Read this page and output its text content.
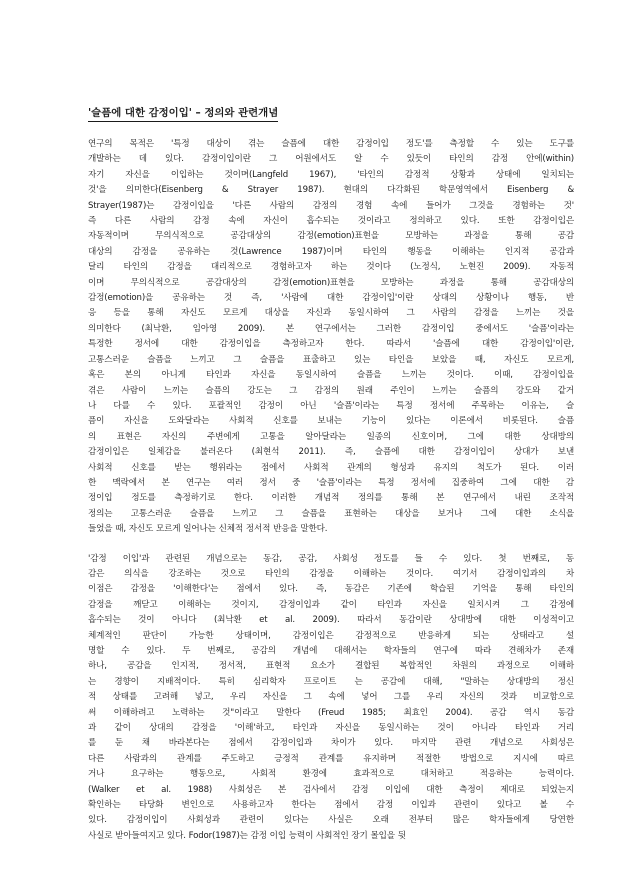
'슬픔에 대한 감정이입' – 정의와 관련개념
연구의 목적은 '특정 대상이 겪는 슬픔에 대한 감정이입 정도'를 측정할 수 있는 도구를
개발하는 데 있다. 감정이입이란 그 어원에서도 알 수 있듯이 타인의 감정 안에(within)
자기 자신을 이입하는 것이며(Langfeld 1967), '타인의 감정적 상황과 상태에 일치되는
것'을 의미한다(Eisenberg & Strayer 1987). 현대의 다각화된 학문영역에서 Eisenberg &
Strayer(1987)는 감정이입을 '다른 사람의 감정의 경험 속에 들어가 그것을 경험하는 것'
즉 다른 사람의 감정 속에 자신이 흡수되는 것이라고 정의하고 있다. 또한 감정이입은
자동적이며 무의식적으로 공감대상의 감정(emotion)표현을 모방하는 과정을 통해 공감
대상의 감정을 공유하는 것(Lawrence 1987)이며 타인의 행동을 이해하는 인지적 공감과
달리 타인의 감정을 대리적으로 경험하고자 하는 것이다 (노정식, 노현진 2009). 자동적
이며 무의식적으로 공감대상의 감정(emotion)표현을 모방하는 과정을 통해 공감대상의
감정(emotion)을 공유하는 것 즉, '사람에 대한 감정이입'이란 상대의 상황이나 행동, 반
응 등을 통해 자신도 모르게 대상을 자신과 동일시하여 그 사람의 감정을 느끼는 것을
의미한다 (최낙환, 임아영 2009). 본 연구에서는 그러한 감정이입 중에서도 '슬픔'이라는
특정한 정서에 대한 감정이입을 측정하고자 한다. 따라서 '슬픔에 대한 감정이입'이란,
고통스러운 슬픔을 느끼고 그 슬픔을 표출하고 있는 타인을 보았을 때, 자신도 모르게,
혹은 본의 아니게 타인과 자신을 동일시하여 슬픔을 느끼는 것이다. 이때, 감정이입을
겪은 사람이 느끼는 슬픔의 강도는 그 감정의 원래 주인이 느끼는 슬픔의 강도와 같거
나 다를 수 있다. 포괄적인 감정이 아닌 '슬픔'이라는 특정 정서에 주목하는 이유는, 슬
픔이 자신을 도와달라는 사회적 신호를 보내는 기능이 있다는 이론에서 비롯된다. 슬픔
의 표현은 자신의 주변에게 고통을 알아달라는 일종의 신호이며, 그에 대한 상대방의
감정이입은 일체감을 불러온다 (최현석 2011). 즉, 슬픔에 대한 감정이입이 상대가 보낸
사회적 신호를 받는 행위라는 점에서 사회적 관계의 형성과 유지의 척도가 된다. 이러
한 맥락에서 본 연구는 여러 정서 중 '슬픔'이라는 특정 정서에 집중하여 그에 대한 감
정이입 정도를 측정하기로 한다. 이러한 개념적 정의를 통해 본 연구에서 내린 조작적
정의는 고통스러운 슬픔을 느끼고 그 슬픔을 표현하는 대상을 보거나 그에 대한 소식을
들었을 때, 자신도 모르게 일어나는 신체적 정서적 반응을 말한다.
'감정 이입'과 관련된 개념으로는 동감, 공감, 사회성 정도를 들 수 있다. 첫 번째로, 동
감은 의식을 강조하는 것으로 타인의 감정을 이해하는 것이다. 여기서 감정이입과의 차
이점은 감정을 '이해한다'는 점에서 있다. 즉, 동감은 기존에 학습된 기억을 통해 타인의
감정을 깨닫고 이해하는 것이지, 감정이입과 같이 타인과 자신을 일치시켜 그 감정에
흡수되는 것이 아니다 (최낙환 et al. 2009). 따라서 동감이란 상대방에 대한 이성적이고
체계적인 판단이 가능한 상태이며, 감정이입은 감정적으로 반응하게 되는 상태라고 설
명할 수 있다. 두 번째로, 공감의 개념에 대해서는 학자들의 연구에 따라 견해차가 존재
하나, 공감을 인지적, 정서적, 표현적 요소가 결합된 복합적인 차원의 과정으로 이해하
는 경향이 지배적이다. 특히 심리학자 프로이트 는 공감에 대해, "말하는 상대방의 정신
적 상태를 고려해 넣고, 우리 자신을 그 속에 넣어 그를 우리 자신의 것과 비교함으로
써 이해하려고 노력하는 것"이라고 말한다 (Freud 1985; 최효인 2004). 공감 역시 동감
과 같이 상대의 감정을 '이해'하고, 타인과 자신을 동일시하는 것이 아니라 타인과 거리
를 둔 채 바라본다는 점에서 감정이입과 차이가 있다. 마지막 관련 개념으로 사회성은
다른 사람과의 관계를 주도하고 긍정적 관계를 유지하며 적절한 방법으로 지시에 따르
거나 요구하는 행동으로, 사회적 환경에 효과적으로 대처하고 적응하는 능력이다.
(Walker et al. 1988) 사회성은 본 검사에서 감정 이입에 대한 측정이 제대로 되었는지
확인하는 타당화 변인으로 사용하고자 한다는 점에서 감정 이입과 관련이 있다고 볼 수
있다. 감정이입이 사회성과 관련이 있다는 사실은 오래 전부터 많은 학자들에게 당연한
사실로 받아들여지고 있다. Fodor(1987)는 감정 이입 능력이 사회적인 장기 몰입을 뒷
